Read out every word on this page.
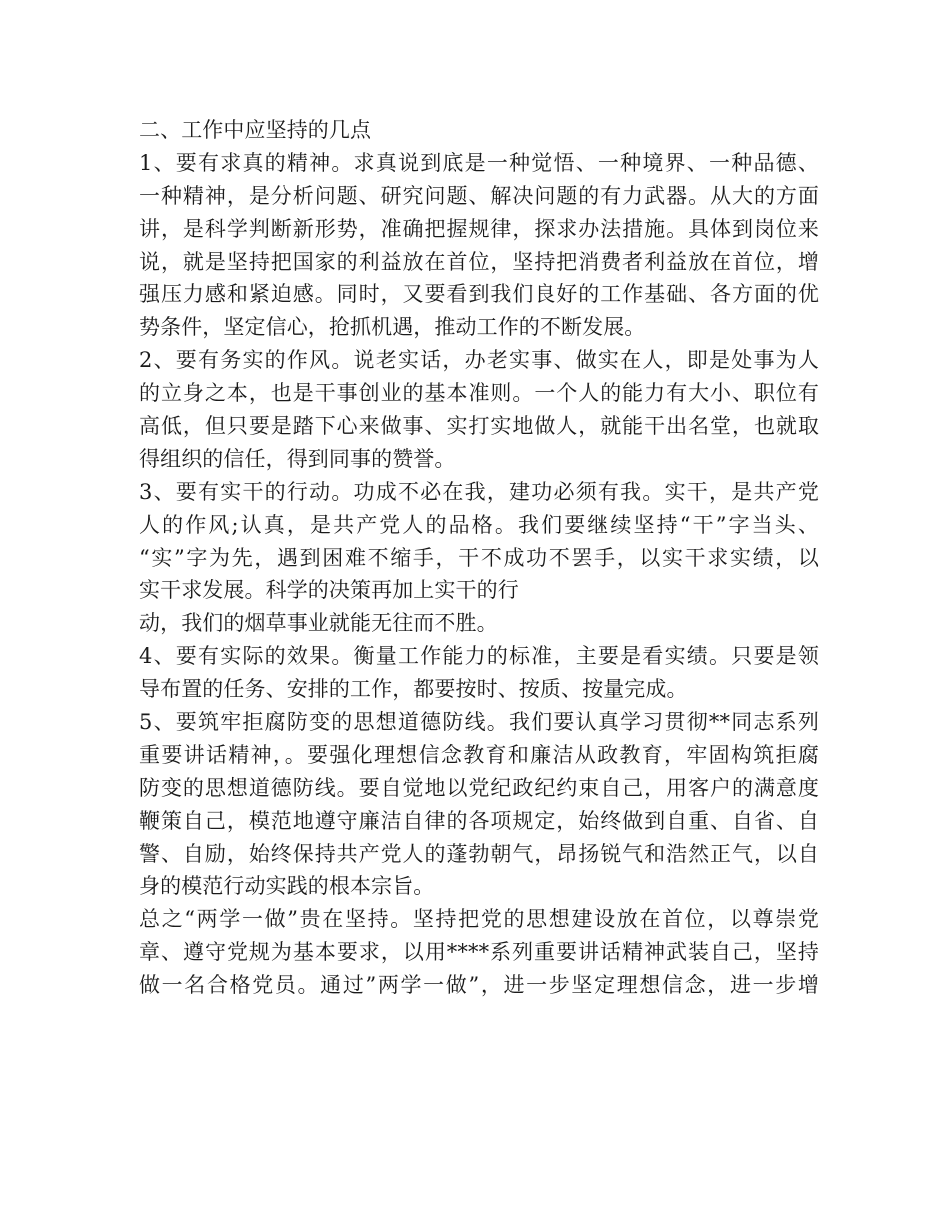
二、工作中应坚持的几点
1、要有求真的精神。求真说到底是一种觉悟、一种境界、一种品德、
一种精神，是分析问题、研究问题、解决问题的有力武器。从大的方面
讲，是科学判断新形势，准确把握规律，探求办法措施。具体到岗位来
说，就是坚持把国家的利益放在首位，坚持把消费者利益放在首位，增
强压力感和紧迫感。同时，又要看到我们良好的工作基础、各方面的优
势条件，坚定信心，抢抓机遇，推动工作的不断发展。
2、要有务实的作风。说老实话，办老实事、做实在人，即是处事为人
的立身之本，也是干事创业的基本准则。一个人的能力有大小、职位有
高低，但只要是踏下心来做事、实打实地做人，就能干出名堂，也就取
得组织的信任，得到同事的赞誉。
3、要有实干的行动。功成不必在我，建功必须有我。实干，是共产党
人的作风;认真，是共产党人的品格。我们要继续坚持“干”字当头、
“实”字为先，遇到困难不缩手，干不成功不罢手，以实干求实绩，以
实干求发展。科学的决策再加上实干的行
动，我们的烟草事业就能无往而不胜。
4、要有实际的效果。衡量工作能力的标准，主要是看实绩。只要是领
导布置的任务、安排的工作，都要按时、按质、按量完成。
5、要筑牢拒腐防变的思想道德防线。我们要认真学习贯彻**同志系列
重要讲话精神，。要强化理想信念教育和廉洁从政教育，牢固构筑拒腐
防变的思想道德防线。要自觉地以党纪政纪约束自己，用客户的满意度
鞭策自己，模范地遵守廉洁自律的各项规定，始终做到自重、自省、自
警、自励，始终保持共产党人的蓬勃朝气，昂扬锐气和浩然正气，以自
身的模范行动实践的根本宗旨。
总之“两学一做”贵在坚持。坚持把党的思想建设放在首位，以尊崇党
章、遵守党规为基本要求，以用****系列重要讲话精神武装自己，坚持
做一名合格党员。通过”两学一做”，进一步坚定理想信念，进一步增
